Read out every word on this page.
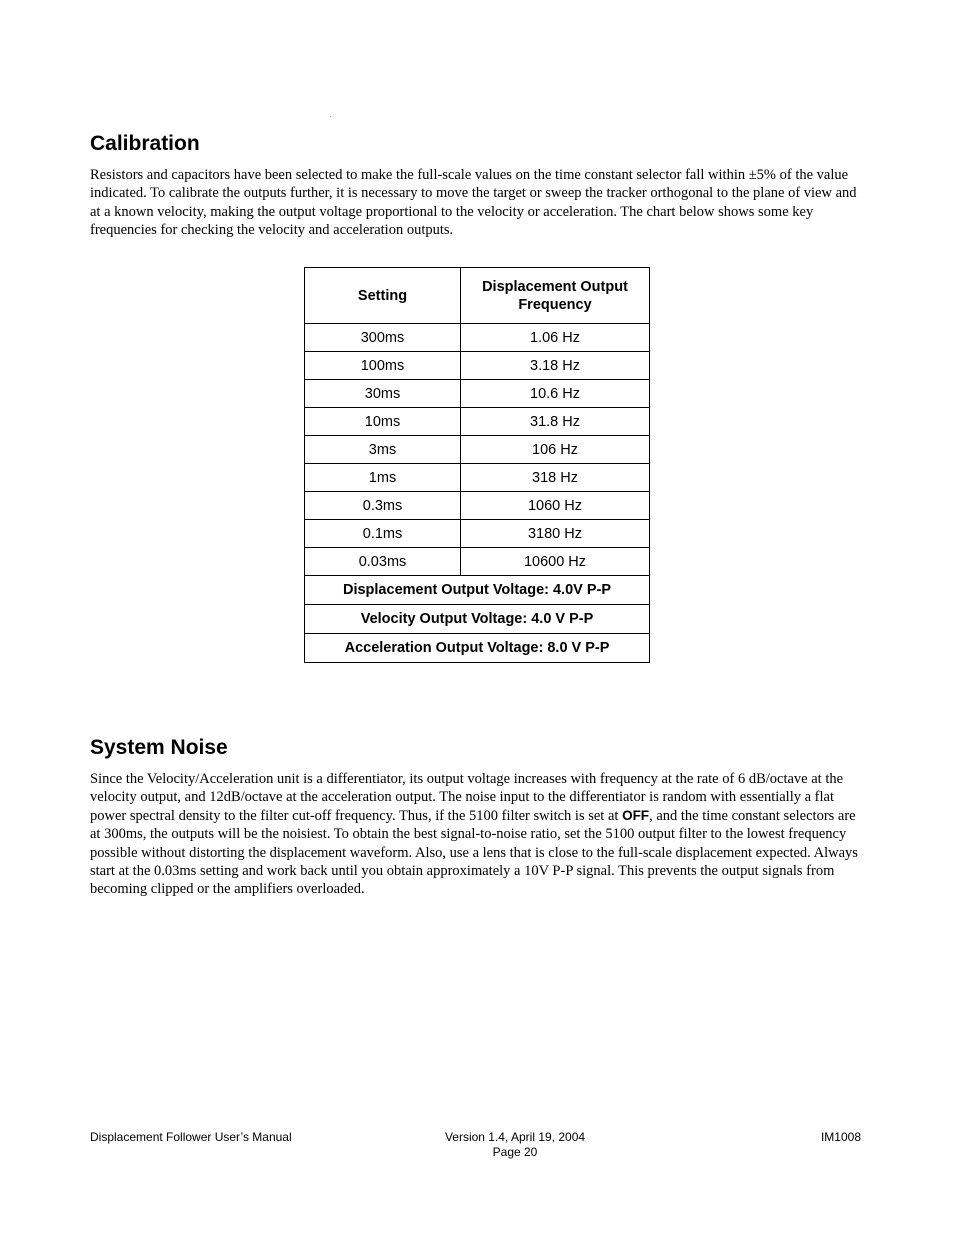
Calibration

Resistors and capacitors have been selected to make the full-scale values on the time constant selector fall within ±5% of the value indicated. To calibrate the outputs further, it is necessary to move the target or sweep the tracker orthogonal to the plane of view and at a known velocity, making the output voltage proportional to the velocity or acceleration. The chart below shows some key frequencies for checking the velocity and acceleration outputs.

Setting	Displacement Output Frequency
300ms	1.06 Hz
100ms	3.18 Hz
30ms	10.6 Hz
10ms	31.8 Hz
3ms	106 Hz
1ms	318 Hz
0.3ms	1060 Hz
0.1ms	3180 Hz
0.03ms	10600 Hz
Displacement Output Voltage: 4.0V P-P	
Velocity Output Voltage: 4.0 V P-P	
Acceleration Output Voltage: 8.0 V P-P	
System Noise

Since the Velocity/Acceleration unit is a differentiator, its output voltage increases with frequency at the rate of 6 dB/octave at the velocity output, and 12dB/octave at the acceleration output. The noise input to the differentiator is random with essentially a flat power spectral density to the filter cut-off frequency. Thus, if the 5100 filter switch is set at OFF, and the time constant selectors are at 300ms, the outputs will be the noisiest. To obtain the best signal-to-noise ratio, set the 5100 output filter to the lowest frequency possible without distorting the displacement waveform. Also, use a lens that is close to the full-scale displacement expected. Always start at the 0.03ms setting and work back until you obtain approximately a 10V P-P signal. This prevents the output signals from becoming clipped or the amplifiers overloaded.

Displacement Follower User’s Manual	Version 1.4, April 19, 2004
Page 20
IM1008
